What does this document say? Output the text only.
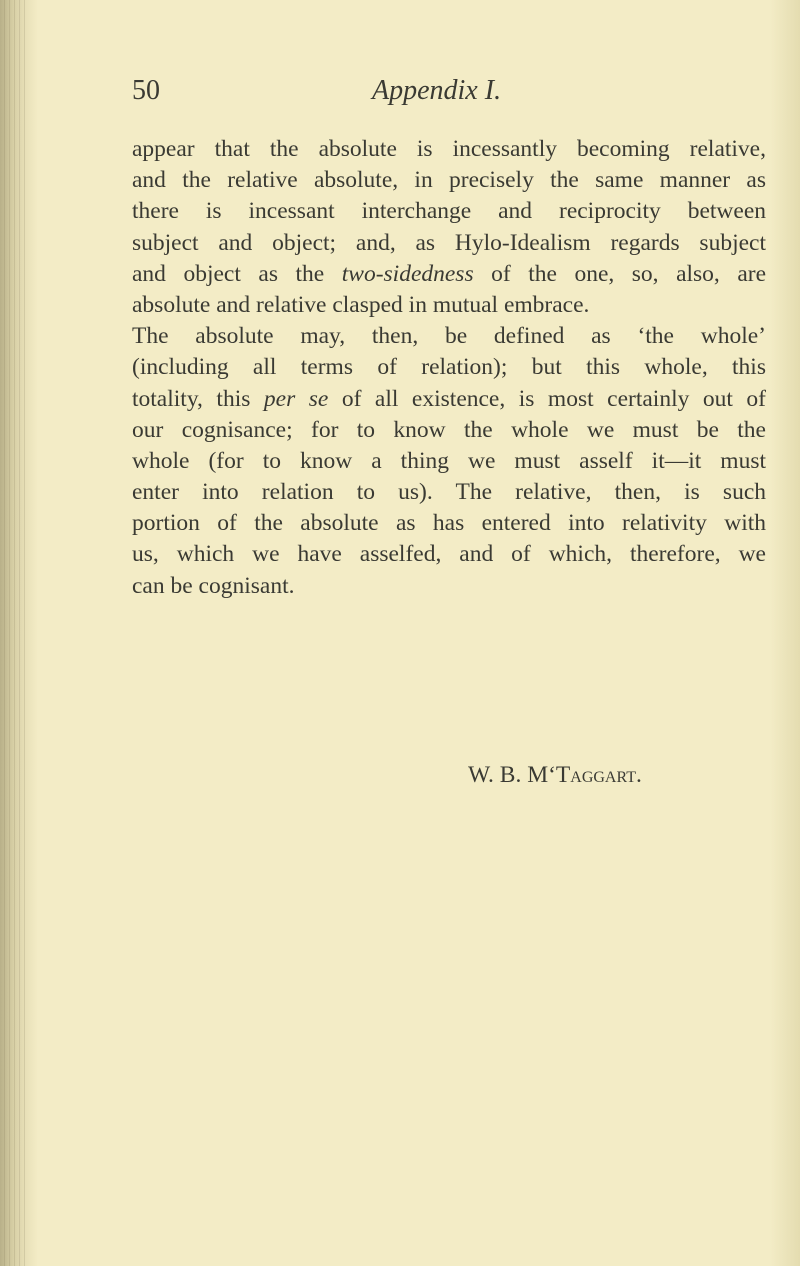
50	Appendix I.
appear that the absolute is incessantly becoming relative,
and the relative absolute, in precisely the same manner as
there is incessant interchange and reciprocity between
subject and object; and, as Hylo-Idealism regards subject
and object as the two-sidedness of the one, so, also, are
absolute and relative clasped in mutual embrace.
The absolute may, then, be defined as ‘the whole’
(including all terms of relation); but this whole, this
totality, this per se of all existence, is most certainly out of
our cognisance; for to know the whole we must be the
whole (for to know a thing we must asself it—it must
enter into relation to us). The relative, then, is such
portion of the absolute as has entered into relativity with
us, which we have asselfed, and of which, therefore, we
can be cognisant.
W. B. M‘Taggart.
